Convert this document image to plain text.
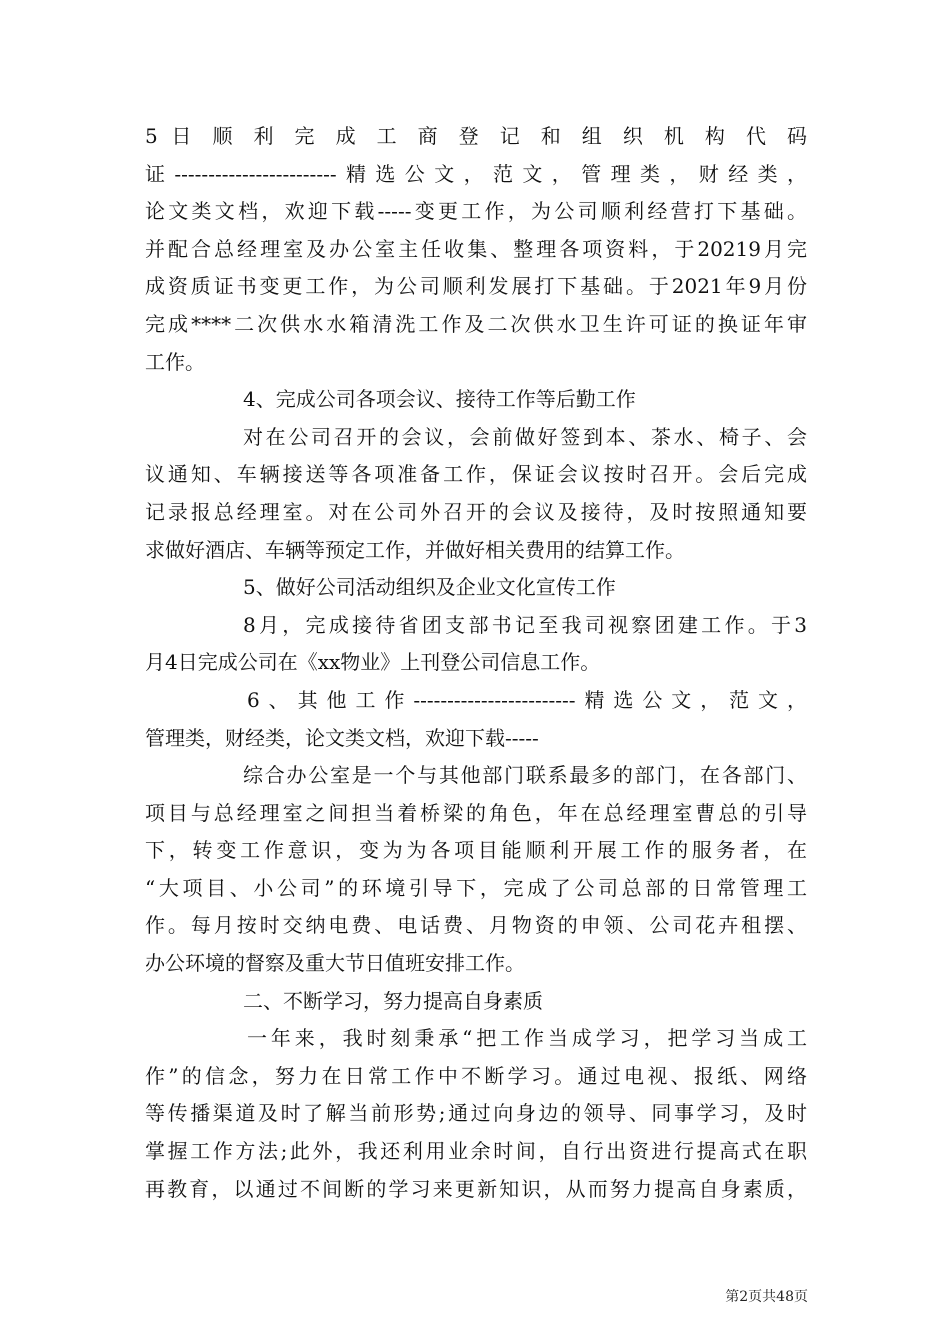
5 日 顺 利 完 成 工 商 登 记 和 组 织 机 构 代 码
证------------------------精选公文，范文，管理类，财经类，
论文类文档，欢迎下载-----变更工作，为公司顺利经营打下基础。
并配合总经理室及办公室主任收集、整理各项资料，于20219月完
成资质证书变更工作，为公司顺利发展打下基础。于2021年9月份
完成****二次供水水箱清洗工作及二次供水卫生许可证的换证年审
工作。
4、完成公司各项会议、接待工作等后勤工作
对在公司召开的会议，会前做好签到本、茶水、椅子、会
议通知、车辆接送等各项准备工作，保证会议按时召开。会后完成
记录报总经理室。对在公司外召开的会议及接待，及时按照通知要
求做好酒店、车辆等预定工作，并做好相关费用的结算工作。
5、做好公司活动组织及企业文化宣传工作
8月，完成接待省团支部书记至我司视察团建工作。于3
月4日完成公司在《xx物业》上刊登公司信息工作。
6、其他工作------------------------精选公文，范文，
管理类，财经类，论文类文档，欢迎下载-----
综合办公室是一个与其他部门联系最多的部门，在各部门、
项目与总经理室之间担当着桥梁的角色，年在总经理室曹总的引导
下，转变工作意识，变为为各项目能顺利开展工作的服务者，在
“大项目、小公司”的环境引导下，完成了公司总部的日常管理工
作。每月按时交纳电费、电话费、月物资的申领、公司花卉租摆、
办公环境的督察及重大节日值班安排工作。
二、不断学习，努力提高自身素质
一年来，我时刻秉承“把工作当成学习，把学习当成工
作”的信念，努力在日常工作中不断学习。通过电视、报纸、网络
等传播渠道及时了解当前形势;通过向身边的领导、同事学习，及时
掌握工作方法;此外，我还利用业余时间，自行出资进行提高式在职
再教育，以通过不间断的学习来更新知识，从而努力提高自身素质，
第2页共48页
